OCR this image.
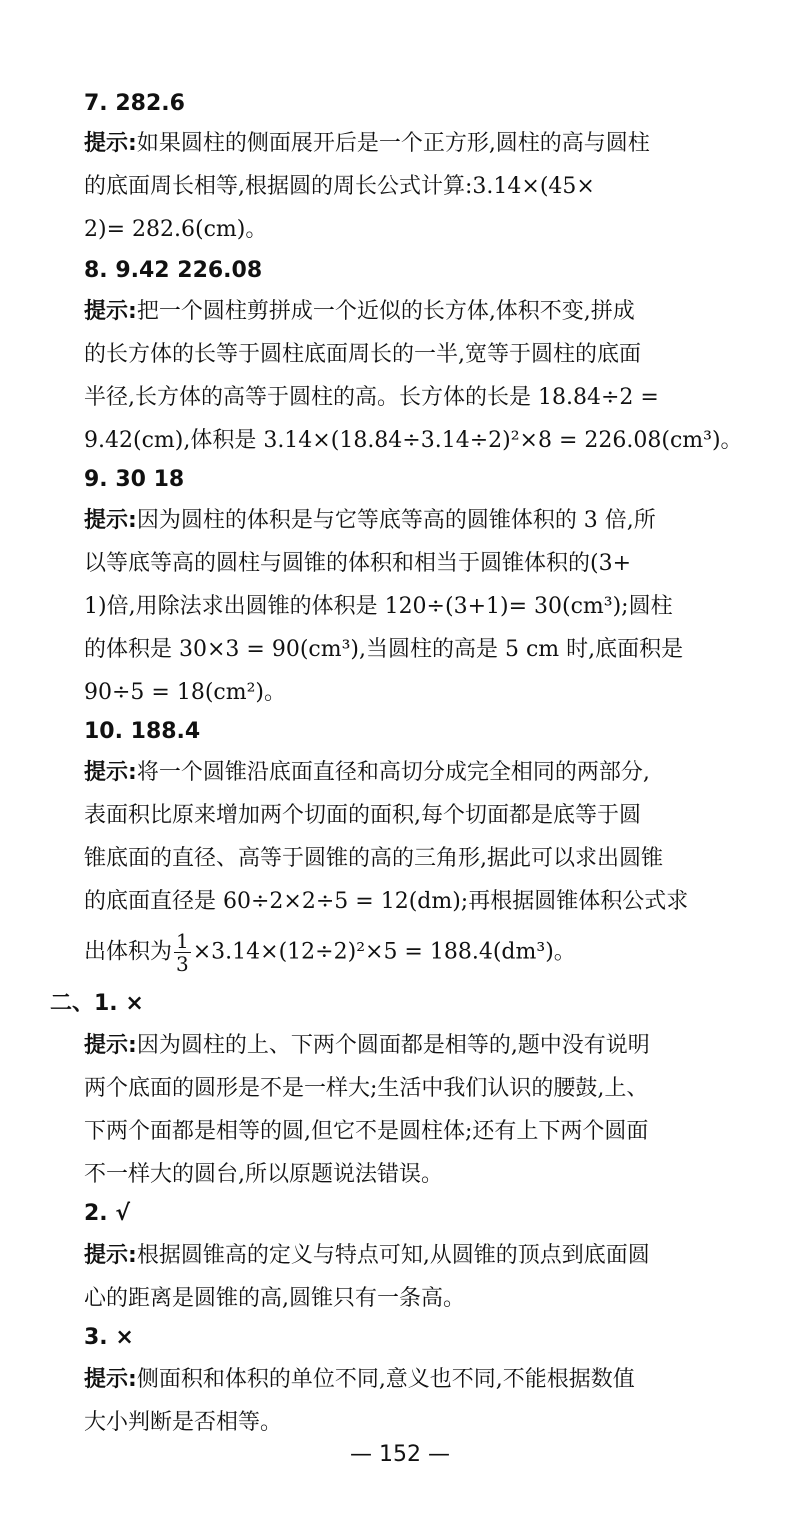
7. 282.6
提示:如果圆柱的侧面展开后是一个正方形,圆柱的高与圆柱
的底面周长相等,根据圆的周长公式计算:3.14×(45×
2)= 282.6(cm)。
8. 9.42 226.08
提示:把一个圆柱剪拼成一个近似的长方体,体积不变,拼成
的长方体的长等于圆柱底面周长的一半,宽等于圆柱的底面
半径,长方体的高等于圆柱的高。长方体的长是 18.84÷2 =
9.42(cm),体积是 3.14×(18.84÷3.14÷2)²×8 = 226.08(cm³)。
9. 30 18
提示:因为圆柱的体积是与它等底等高的圆锥体积的 3 倍,所
以等底等高的圆柱与圆锥的体积和相当于圆锥体积的(3+
1)倍,用除法求出圆锥的体积是 120÷(3+1)= 30(cm³);圆柱
的体积是 30×3 = 90(cm³),当圆柱的高是 5 cm 时,底面积是
90÷5 = 18(cm²)。
10. 188.4
提示:将一个圆锥沿底面直径和高切分成完全相同的两部分,
表面积比原来增加两个切面的面积,每个切面都是底等于圆
锥底面的直径、高等于圆锥的高的三角形,据此可以求出圆锥
的底面直径是 60÷2×2÷5 = 12(dm);再根据圆锥体积公式求
出体积为 $\frac{1}{3} \times 3.14\times(12\div 2)^2\times 5 = 188.4(dm^3)$。
二、1. ×
提示:因为圆柱的上、下两个圆面都是相等的,题中没有说明
两个底面的圆形是不是一样大;生活中我们认识的腰鼓,上、
下两个面都是相等的圆,但它不是圆柱体;还有上下两个圆面
不一样大的圆台,所以原题说法错误。
2. √
提示:根据圆锥高的定义与特点可知,从圆锥的顶点到底面圆
心的距离是圆锥的高,圆锥只有一条高。
3. ×
提示:侧面积和体积的单位不同,意义也不同,不能根据数值
大小判断是否相等。
— 152 —
